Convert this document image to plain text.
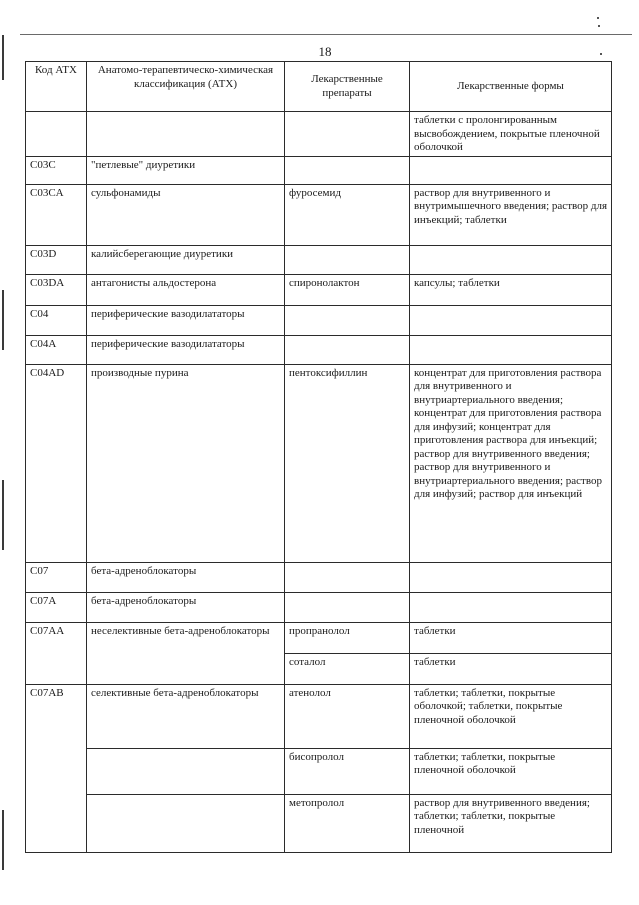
18
Код АТХ	Анатомо-терапевтическо-химическая классификация (АТХ)	Лекарственные препараты	Лекарственные формы
			таблетки с пролонгированным высвобождением, покрытые пленочной оболочкой
C03C	"петлевые" диуретики		
C03CA	сульфонамиды	фуросемид	раствор для внутривенного и внутримышечного введения; раствор для инъекций; таблетки
C03D	калийсберегающие диуретики		
C03DA	антагонисты альдостерона	спиронолактон	капсулы; таблетки
C04	периферические вазодилататоры		
C04A	периферические вазодилататоры		
C04AD	производные пурина	пентоксифиллин	концентрат для приготовления раствора для внутривенного и внутриартериального введения; концентрат для приготовления раствора для инфузий; концентрат для приготовления раствора для инъекций; раствор для внутривенного введения; раствор для внутривенного и внутриартериального введения; раствор для инфузий; раствор для инъекций
C07	бета-адреноблокаторы		
C07A	бета-адреноблокаторы		
C07AA	неселективные бета-адреноблокаторы	пропранолол	таблетки
		соталол	таблетки
C07AB	селективные бета-адреноблокаторы	атенолол	таблетки; таблетки, покрытые оболочкой; таблетки, покрытые пленочной оболочкой
		бисопролол	таблетки; таблетки, покрытые пленочной оболочкой
		метопролол	раствор для внутривенного введения; таблетки; таблетки, покрытые пленочной
